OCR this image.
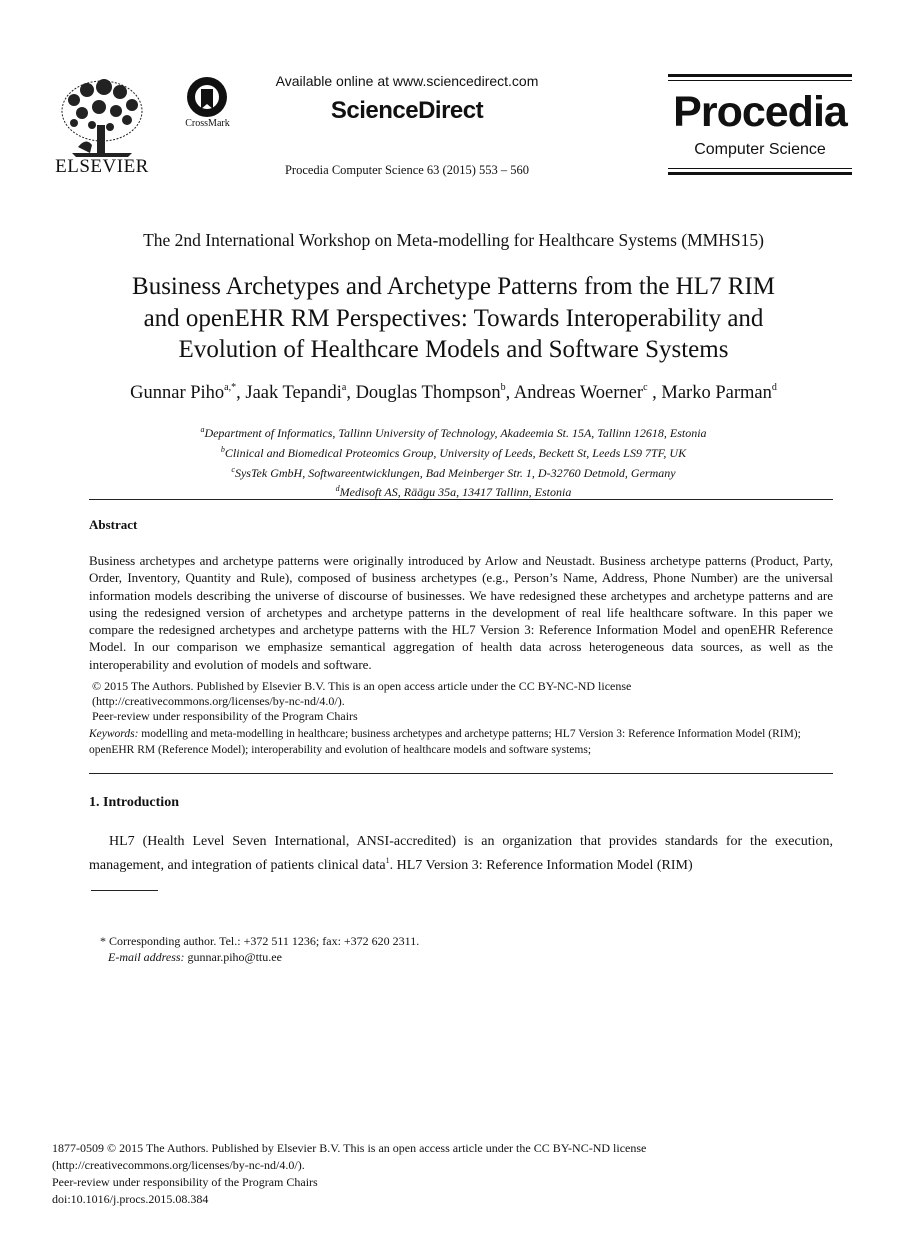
ELSEVIER
CrossMark
Available online at www.sciencedirect.com
ScienceDirect
Procedia Computer Science 63 (2015) 553 – 560
Procedia
Computer Science
The 2nd International Workshop on Meta-modelling for Healthcare Systems (MMHS15)
Business Archetypes and Archetype Patterns from the HL7 RIM
and openEHR RM Perspectives: Towards Interoperability and
Evolution of Healthcare Models and Software Systems
Gunnar Piho$^{a,*}$, Jaak Tepandi$^a$, Douglas Thompson$^b$, Andreas Woerner$^c$ , Marko Parman$^d$
$^a$Department of Informatics, Tallinn University of Technology, Akadeemia St. 15A, Tallinn 12618, Estonia
$^b$Clinical and Biomedical Proteomics Group, University of Leeds, Beckett St, Leeds LS9 7TF, UK
$^c$SysTek GmbH, Softwareentwicklungen, Bad Meinberger Str. 1, D-32760 Detmold, Germany
$^d$Medisoft AS, Räägu 35a, 13417 Tallinn, Estonia
Abstract
Business archetypes and archetype patterns were originally introduced by Arlow and Neustadt. Business archetype patterns (Product, Party, Order, Inventory, Quantity and Rule), composed of business archetypes (e.g., Person’s Name, Address, Phone Number) are the universal information models describing the universe of discourse of businesses. We have redesigned these archetypes and archetype patterns and are using the redesigned version of archetypes and archetype patterns in the development of real life healthcare software. In this paper we compare the redesigned archetypes and archetype patterns with the HL7 Version 3: Reference Information Model and openEHR Reference Model. In our comparison we emphasize semantical aggregation of health data across heterogeneous data sources, as well as the interoperability and evolution of models and software.
© 2015 The Authors. Published by Elsevier B.V. This is an open access article under the CC BY-NC-ND license
(http://creativecommons.org/licenses/by-nc-nd/4.0/).
Peer-review under responsibility of the Program Chairs
Keywords: modelling and meta-modelling in healthcare; business archetypes and archetype patterns; HL7 Version 3: Reference Information Model (RIM); openEHR RM (Reference Model); interoperability and evolution of healthcare models and software systems;
1. Introduction
HL7 (Health Level Seven International, ANSI-accredited) is an organization that provides standards for the execution, management, and integration of patients clinical data$^1$. HL7 Version 3: Reference Information Model (RIM)
* Corresponding author. Tel.: +372 511 1236; fax: +372 620 2311.
E-mail address: gunnar.piho@ttu.ee
1877-0509 © 2015 The Authors. Published by Elsevier B.V. This is an open access article under the CC BY-NC-ND license
(http://creativecommons.org/licenses/by-nc-nd/4.0/).
Peer-review under responsibility of the Program Chairs
doi:10.1016/j.procs.2015.08.384
